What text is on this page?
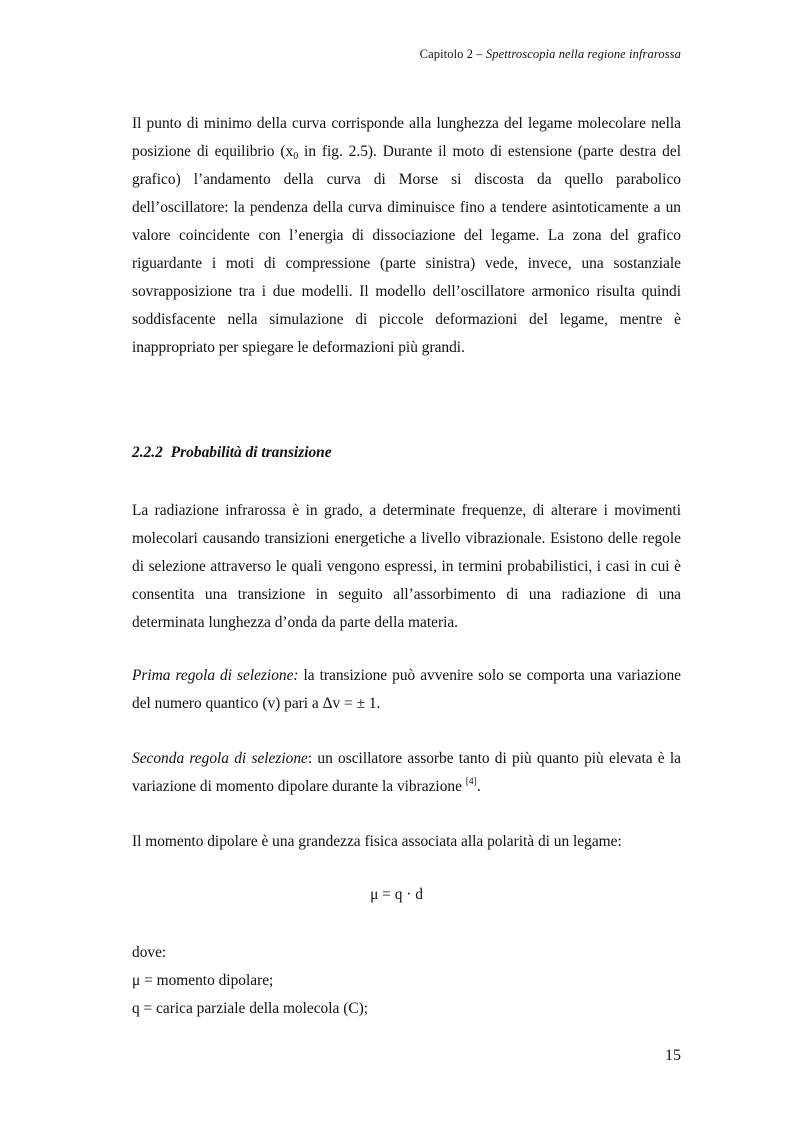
Capitolo 2 – Spettroscopia nella regione infrarossa

Il punto di minimo della curva corrisponde alla lunghezza del legame molecolare nella posizione di equilibrio ($x_0$ in fig. 2.5). Durante il moto di estensione (parte destra del grafico) l’andamento della curva di Morse si discosta da quello parabolico dell’oscillatore: la pendenza della curva diminuisce fino a tendere asintoticamente a un valore coincidente con l’energia di dissociazione del legame. La zona del grafico riguardante i moti di compressione (parte sinistra) vede, invece, una sostanziale sovrapposizione tra i due modelli. Il modello dell’oscillatore armonico risulta quindi soddisfacente nella simulazione di piccole deformazioni del legame, mentre è inappropriato per spiegare le deformazioni più grandi.

2.2.2 Probabilità di transizione

La radiazione infrarossa è in grado, a determinate frequenze, di alterare i movimenti molecolari causando transizioni energetiche a livello vibrazionale. Esistono delle regole di selezione attraverso le quali vengono espressi, in termini probabilistici, i casi in cui è consentita una transizione in seguito all’assorbimento di una radiazione di una determinata lunghezza d’onda da parte della materia.

Prima regola di selezione: la transizione può avvenire solo se comporta una variazione del numero quantico (v) pari a Δv = ± 1.

Seconda regola di selezione: un oscillatore assorbe tanto di più quanto più elevata è la variazione di momento dipolare durante la vibrazione [4].

Il momento dipolare è una grandezza fisica associata alla polarità di un legame:

μ = q · d
dove:
μ = momento dipolare;
q = carica parziale della molecola (C);
15
